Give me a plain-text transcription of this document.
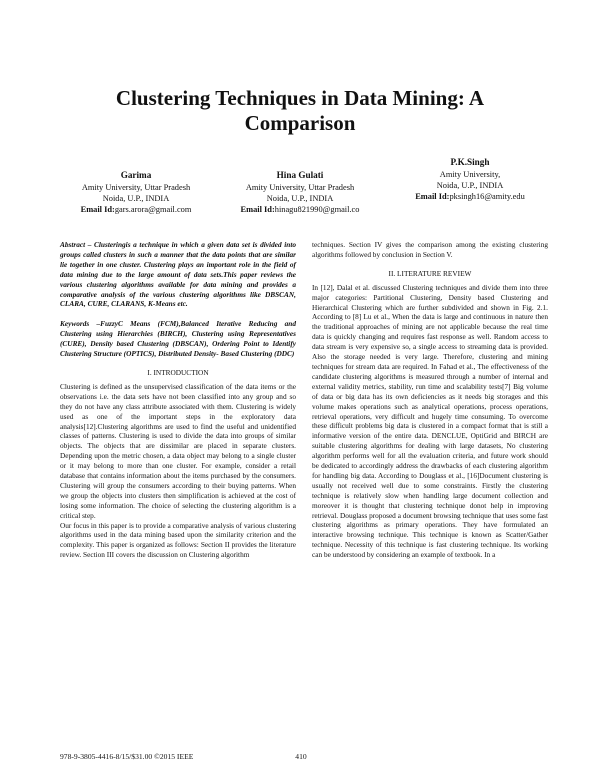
Clustering Techniques in Data Mining: A Comparison
Garima
Amity University, Uttar Pradesh
Noida, U.P., INDIA
Email Id:gars.arora@gmail.com
Hina Gulati
Amity University, Uttar Pradesh
Noida, U.P., INDIA
Email Id:hinagu821990@gmail.co
P.K.Singh
Amity University,
Noida, U.P., INDIA
Email Id:pksingh16@amity.edu

Abstract – Clusteringis a technique in which a given data set is divided into groups called clusters in such a manner that the data points that are similar lie together in one cluster. Clustering plays an important role in the field of data mining due to the large amount of data sets.This paper reviews the various clustering algorithms available for data mining and provides a comparative analysis of the various clustering algorithms like DBSCAN, CLARA, CURE, CLARANS, K-Means etc.

Keywords –FuzzyC Means (FCM),Balanced Iterative Reducing and Clustering using Hierarchies (BIRCH), Clustering using Representatives (CURE), Density based Clustering (DBSCAN), Ordering Point to Identify Clustering Structure (OPTICS), Distributed Density- Based Clustering (DDC)

I. INTRODUCTION

Clustering is defined as the unsupervised classification of the data items or the observations i.e. the data sets have not been classified into any group and so they do not have any class attribute associated with them. Clustering is widely used as one of the important steps in the exploratory data analysis[12].Clustering algorithms are used to find the useful and unidentified classes of patterns. Clustering is used to divide the data into groups of similar objects. The objects that are dissimilar are placed in separate clusters. Depending upon the metric chosen, a data object may belong to a single cluster or it may belong to more than one cluster. For example, consider a retail database that contains information about the items purchased by the consumers. Clustering will group the consumers according to their buying patterns. When we group the objects into clusters then simplification is achieved at the cost of losing some information. The choice of selecting the clustering algorithm is a critical step.

Our focus in this paper is to provide a comparative analysis of various clustering algorithms used in the data mining based upon the similarity criterion and the complexity. This paper is organized as follows: Section II provides the literature review. Section III covers the discussion on Clustering algorithm

techniques. Section IV gives the comparison among the existing clustering algorithms followed by conclusion in Section V.

II. LITERATURE REVIEW

In [12], Dalal et al. discussed Clustering techniques and divide them into three major categories: Partitional Clustering, Density based Clustering and Hierarchical Clustering which are further subdivided and shown in Fig. 2.1. According to [8] Lu et al., When the data is large and continuous in nature then the traditional approaches of mining are not applicable because the real time data is quickly changing and requires fast response as well. Random access to data stream is very expensive so, a single access to streaming data is provided. Also the storage needed is very large. Therefore, clustering and mining techniques for stream data are required. In Fahad et al., The effectiveness of the candidate clustering algorithms is measured through a number of internal and external validity metrics, stability, run time and scalability tests[7] Big volume of data or big data has its own deficiencies as it needs big storages and this volume makes operations such as analytical operations, process operations, retrieval operations, very difficult and hugely time consuming. To overcome these difficult problems big data is clustered in a compact format that is still a informative version of the entire data. DENCLUE, OptiGrid and BIRCH are suitable clustering algorithms for dealing with large datasets, No clustering algorithm performs well for all the evaluation criteria, and future work should be dedicated to accordingly address the drawbacks of each clustering algorithm for handling big data. According to Douglass et al., [16]Document clustering is usually not received well due to some constraints. Firstly the clustering technique is relatively slow when handling large document collection and moreover it is thought that clustering technique donot help in improving retrieval. Douglass proposed a document browsing technique that uses some fast clustering algorithms as primary operations. They have formulated an interactive browsing technique. This technique is known as Scatter/Gather technique. Necessity of this technique is fast clustering technique. Its working can be understood by considering an example of textbook. In a

978-9-3805-4416-8/15/$31.00 ©2015 IEEE	410
